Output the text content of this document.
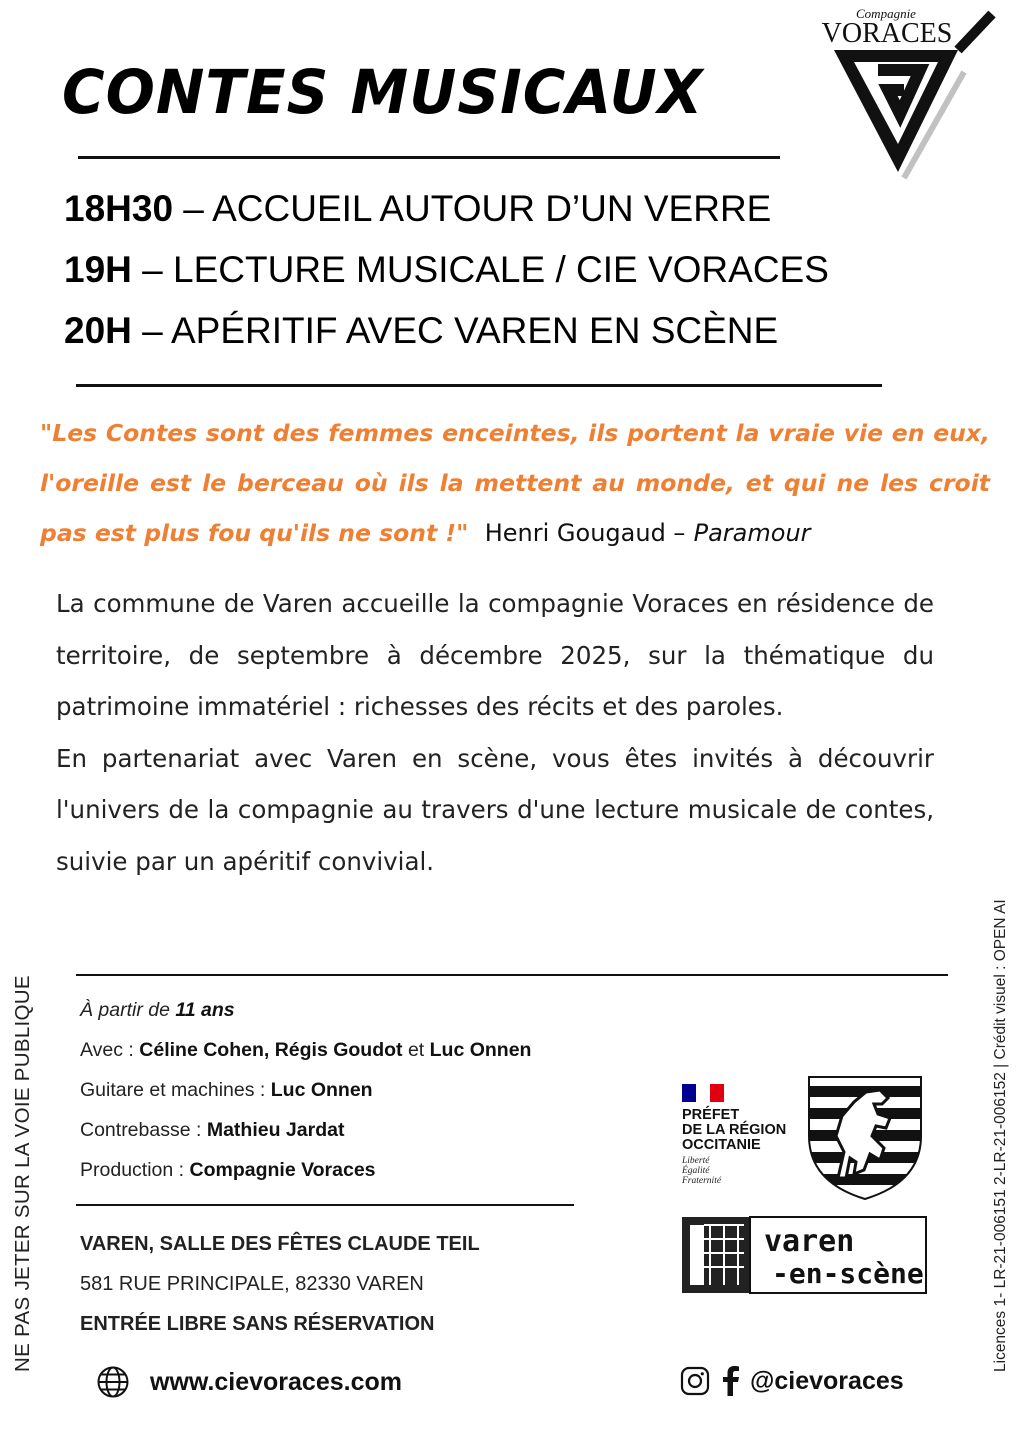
Compagnie
VORACES
CONTES MUSICAUX
18H30 – ACCUEIL AUTOUR D’UN VERRE
19H – LECTURE MUSICALE / CIE VORACES
20H – APÉRITIF AVEC VAREN EN SCÈNE
"Les Contes sont des femmes enceintes, ils portent la vraie vie en eux, l'oreille est le berceau où ils la mettent au monde, et qui ne les croit pas est plus fou qu'ils ne sont !" Henri Gougaud – Paramour

La commune de Varen accueille la compagnie Voraces en résidence de territoire, de septembre à décembre 2025, sur la thématique du patrimoine immatériel : richesses des récits et des paroles.

En partenariat avec Varen en scène, vous êtes invités à découvrir l'univers de la compagnie au travers d'une lecture musicale de contes, suivie par un apéritif convivial.

À partir de 11 ans
Avec : Céline Cohen, Régis Goudot et Luc Onnen
Guitare et machines : Luc Onnen
Contrebasse : Mathieu Jardat
Production : Compagnie Voraces
VAREN, SALLE DES FÊTES CLAUDE TEIL
581 RUE PRINCIPALE, 82330 VAREN
ENTRÉE LIBRE SANS RÉSERVATION
NE PAS JETER SUR LA VOIE PUBLIQUE	Licences 1- LR-21-006151 2-LR-21-006152 | Crédit visuel : OPEN AI
PRÉFET
DE LA RÉGION
OCCITANIE
Liberté
Égalité
Fraternité
varen
-en-scène
www.cievoraces.com	@cievoraces
